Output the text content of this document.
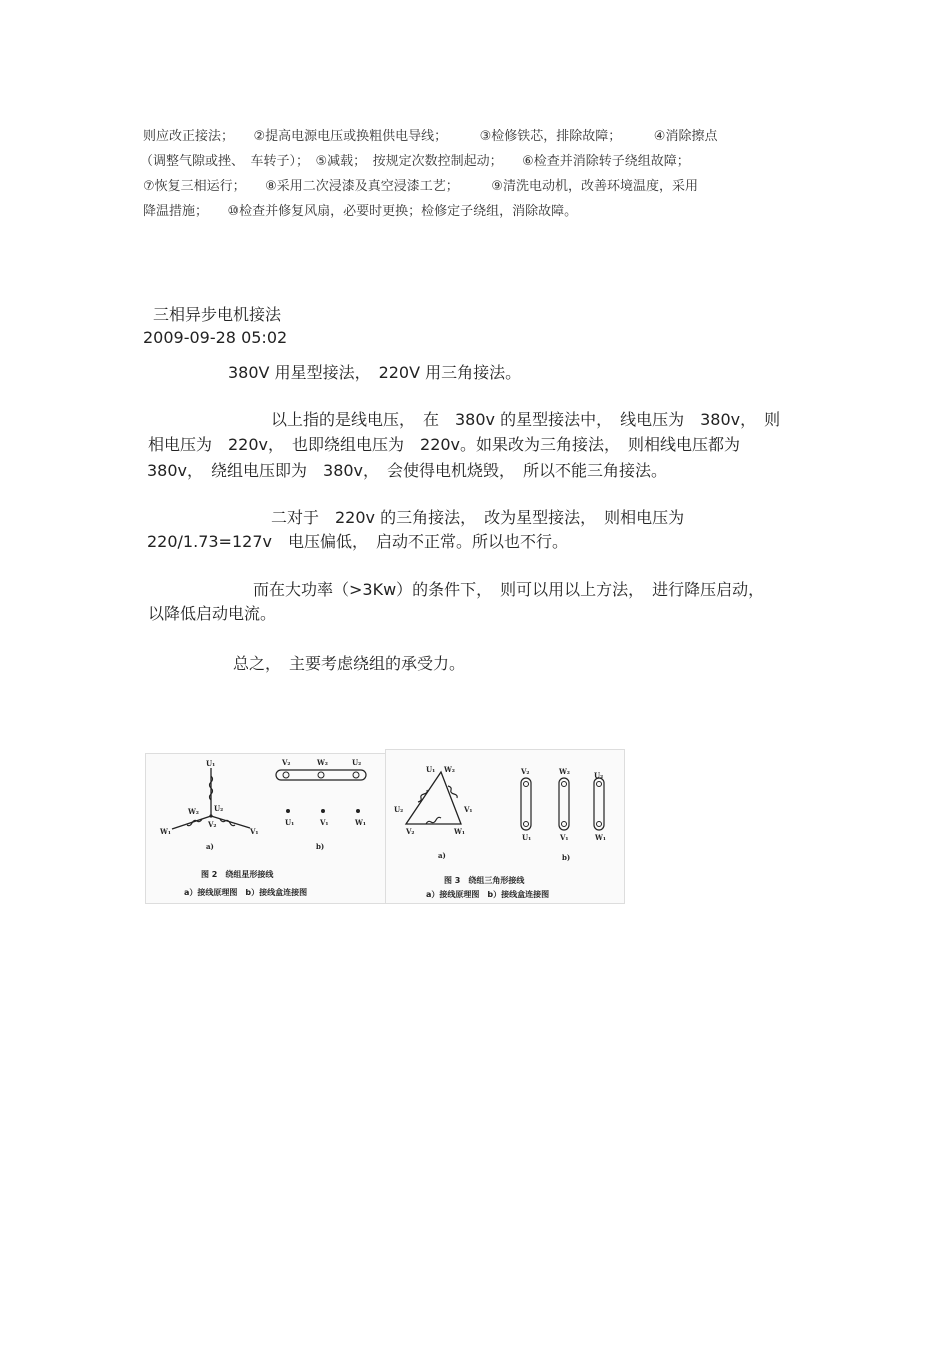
则应改正接法；　　②提高电源电压或换粗供电导线；　　　③检修铁芯，排除故障；　　　④消除擦点
（调整气隙或挫、　车转子）；　⑤减载；　按规定次数控制起动；　　⑥检查并消除转子绕组故障；
⑦恢复三相运行；　　⑧采用二次浸漆及真空浸漆工艺；　　　⑨清洗电动机，改善环境温度，采用
降温措施；　　⑩检查并修复风扇，必要时更换；检修定子绕组，消除故障。
三相异步电机接法
2009-09-28 05:02
380V 用星型接法，　220V 用三角接法。
以上指的是线电压，　在　380v 的星型接法中，　线电压为　380v，　则
相电压为　220v，　也即绕组电压为　220v。如果改为三角接法，　则相线电压都为
380v，　绕组电压即为　380v，　会使得电机烧毁，　所以不能三角接法。
二对于　220v 的三角接法，　改为星型接法，　则相电压为
220/1.73=127v　电压偏低，　启动不正常。所以也不行。
而在大功率（>3Kw）的条件下，　则可以用以上方法，　进行降压启动，
以降低启动电流。
总之，　主要考虑绕组的承受力。
U₁
U₂
W₂
V₂
W₁	V₁
a)
V₂	W₂	U₂
U₁	V₁	W₁
b)
图 2　绕组星形接线
a）接线原理图　b）接线盒连接图
U₁ W₂
U₂	V₁
V₂	W₁
a)
V₂	W₂	U₂
U₁	V₁	W₁
b)
图 3　绕组三角形接线
a）接线原理图　b）接线盒连接图
